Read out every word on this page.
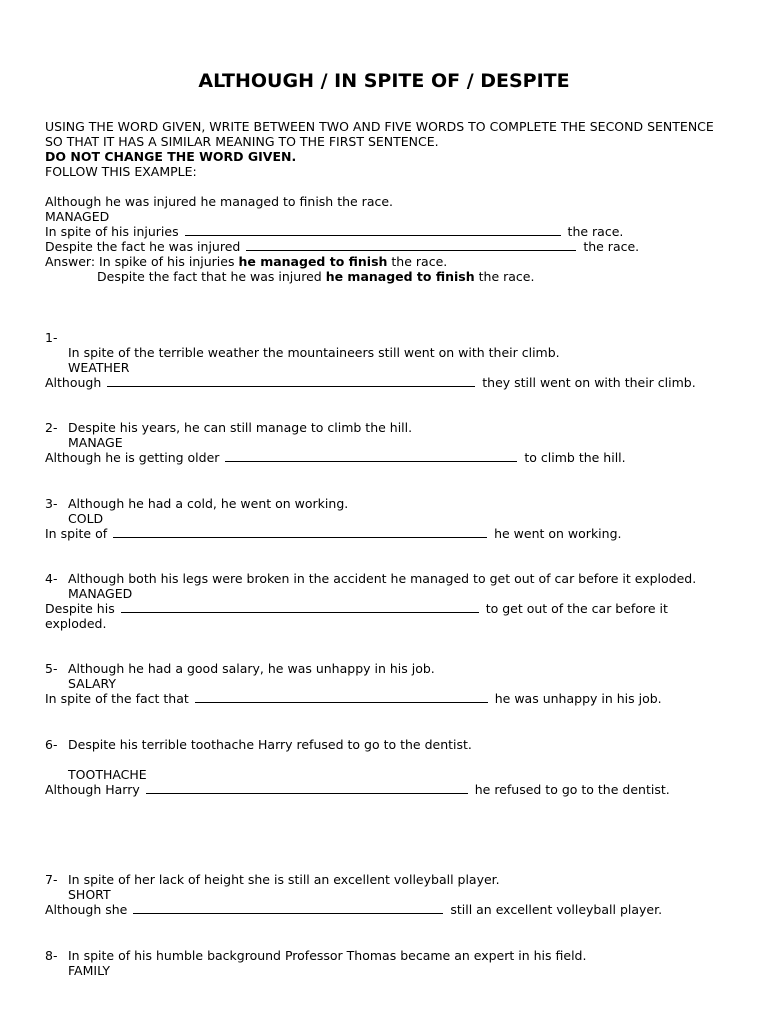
ALTHOUGH / IN SPITE OF / DESPITE
USING THE WORD GIVEN, WRITE BETWEEN TWO AND FIVE WORDS TO COMPLETE THE SECOND SENTENCE
SO THAT IT HAS A SIMILAR MEANING TO THE FIRST SENTENCE.
DO NOT CHANGE THE WORD GIVEN.
FOLLOW THIS EXAMPLE:
Although he was injured he managed to finish the race.
MANAGED
In spite of his injuries	the race.
Despite the fact he was injured	the race.
Answer: In spike of his injuries he managed to finish the race.
Despite the fact that he was injured he managed to finish the race.
1-
In spite of the terrible weather the mountaineers still went on with their climb.
WEATHER
Although	they still went on with their climb.
2- Despite his years, he can still manage to climb the hill.
MANAGE
Although he is getting older	to climb the hill.
3- Although he had a cold, he went on working.
COLD
In spite of	he went on working.
4- Although both his legs were broken in the accident he managed to get out of car before it exploded.
MANAGED
Despite his	to get out of the car before it
exploded.
5- Although he had a good salary, he was unhappy in his job.
SALARY
In spite of the fact that	he was unhappy in his job.
6- Despite his terrible toothache Harry refused to go to the dentist.
TOOTHACHE
Although Harry	he refused to go to the dentist.
7- In spite of her lack of height she is still an excellent volleyball player.
SHORT
Although she	still an excellent volleyball player.
8- In spite of his humble background Professor Thomas became an expert in his field.
FAMILY
